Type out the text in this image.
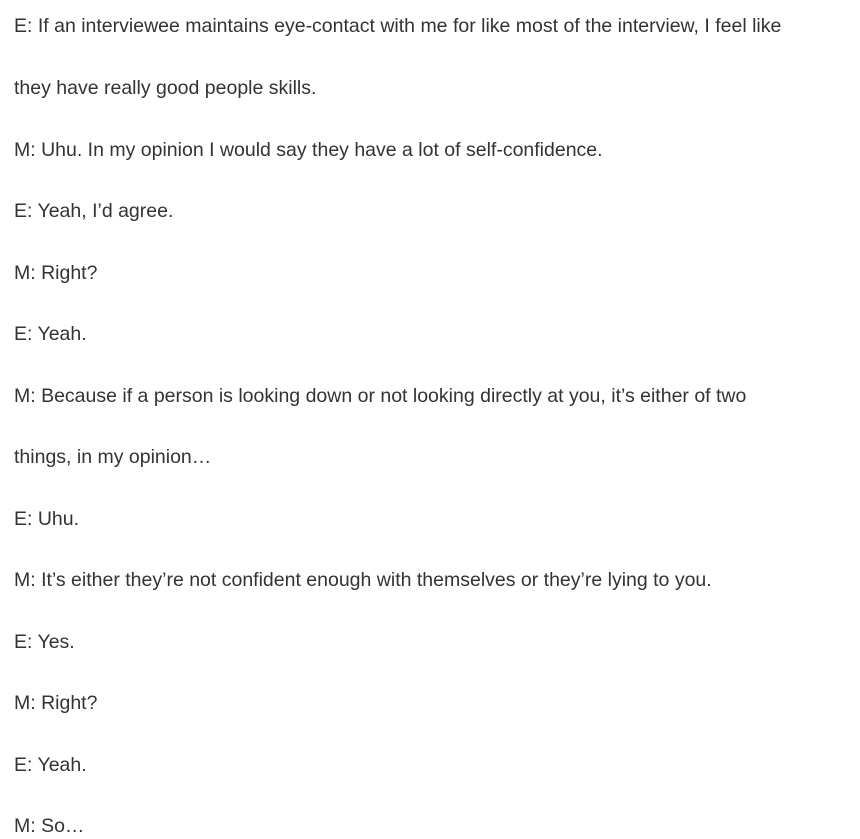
E: If an interviewee maintains eye-contact with me for like most of the interview, I feel like

they have really good people skills.

M: Uhu. In my opinion I would say they have a lot of self-confidence.

E: Yeah, I’d agree.

M: Right?

E: Yeah.

M: Because if a person is looking down or not looking directly at you, it’s either of two

things, in my opinion…

E: Uhu.

M: It’s either they’re not confident enough with themselves or they’re lying to you.

E: Yes.

M: Right?

E: Yeah.

M: So…
